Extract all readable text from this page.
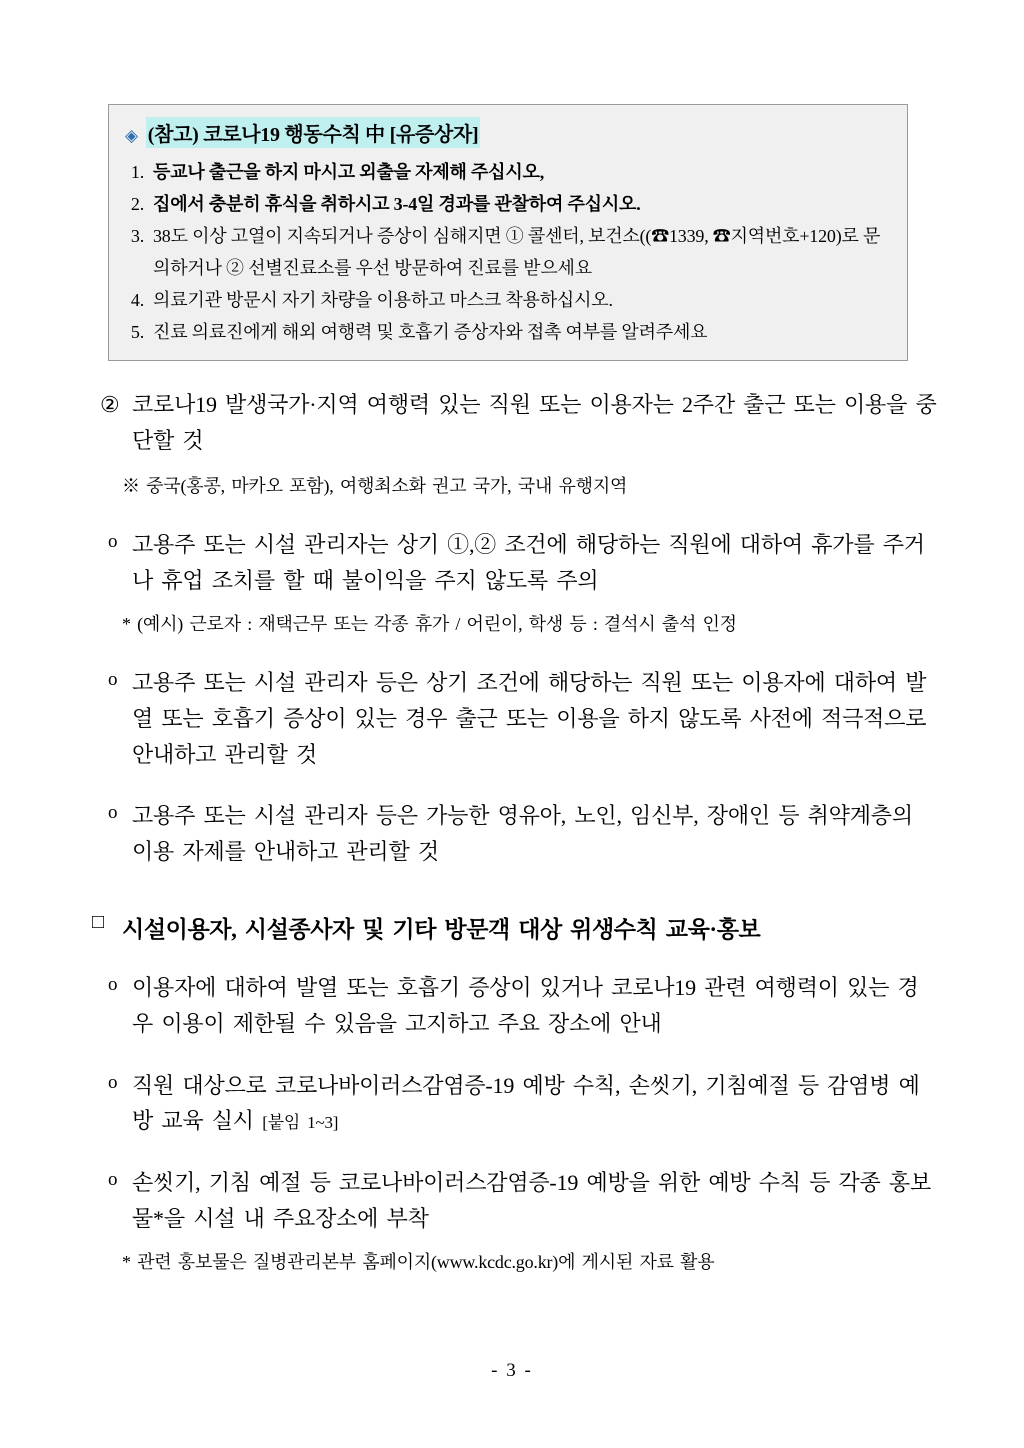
◈ (참고) 코로나19 행동수칙 中 [유증상자]
1. 등교나 출근을 하지 마시고 외출을 자제해 주십시오,
2. 집에서 충분히 휴식을 취하시고 3-4일 경과를 관찰하여 주십시오.
3. 38도 이상 고열이 지속되거나 증상이 심해지면 ① 콜센터, 보건소((☎1339, ☎지역번호+120)로 문의하거나 ② 선별진료소를 우선 방문하여 진료를 받으세요
4. 의료기관 방문시 자기 차량을 이용하고 마스크 착용하십시오.
5. 진료 의료진에게 해외 여행력 및 호흡기 증상자와 접촉 여부를 알려주세요
② 코로나19 발생국가·지역 여행력 있는 직원 또는 이용자는 2주간 출근 또는 이용을 중단할 것
※ 중국(홍콩, 마카오 포함), 여행최소화 권고 국가, 국내 유행지역
o 고용주 또는 시설 관리자는 상기 ①,② 조건에 해당하는 직원에 대하여 휴가를 주거나 휴업 조치를 할 때 불이익을 주지 않도록 주의
* (예시) 근로자 : 재택근무 또는 각종 휴가 / 어린이, 학생 등 : 결석시 출석 인정
o 고용주 또는 시설 관리자 등은 상기 조건에 해당하는 직원 또는 이용자에 대하여 발열 또는 호흡기 증상이 있는 경우 출근 또는 이용을 하지 않도록 사전에 적극적으로 안내하고 관리할 것
o 고용주 또는 시설 관리자 등은 가능한 영유아, 노인, 임신부, 장애인 등 취약계층의 이용 자제를 안내하고 관리할 것
□ 시설이용자, 시설종사자 및 기타 방문객 대상 위생수칙 교육·홍보
o 이용자에 대하여 발열 또는 호흡기 증상이 있거나 코로나19 관련 여행력이 있는 경우 이용이 제한될 수 있음을 고지하고 주요 장소에 안내
o 직원 대상으로 코로나바이러스감염증-19 예방 수칙, 손씻기, 기침예절 등 감염병 예방 교육 실시 [붙임 1~3]
o 손씻기, 기침 예절 등 코로나바이러스감염증-19 예방을 위한 예방 수칙 등 각종 홍보물*을 시설 내 주요장소에 부착
* 관련 홍보물은 질병관리본부 홈페이지(www.kcdc.go.kr)에 게시된 자료 활용
- 3 -
